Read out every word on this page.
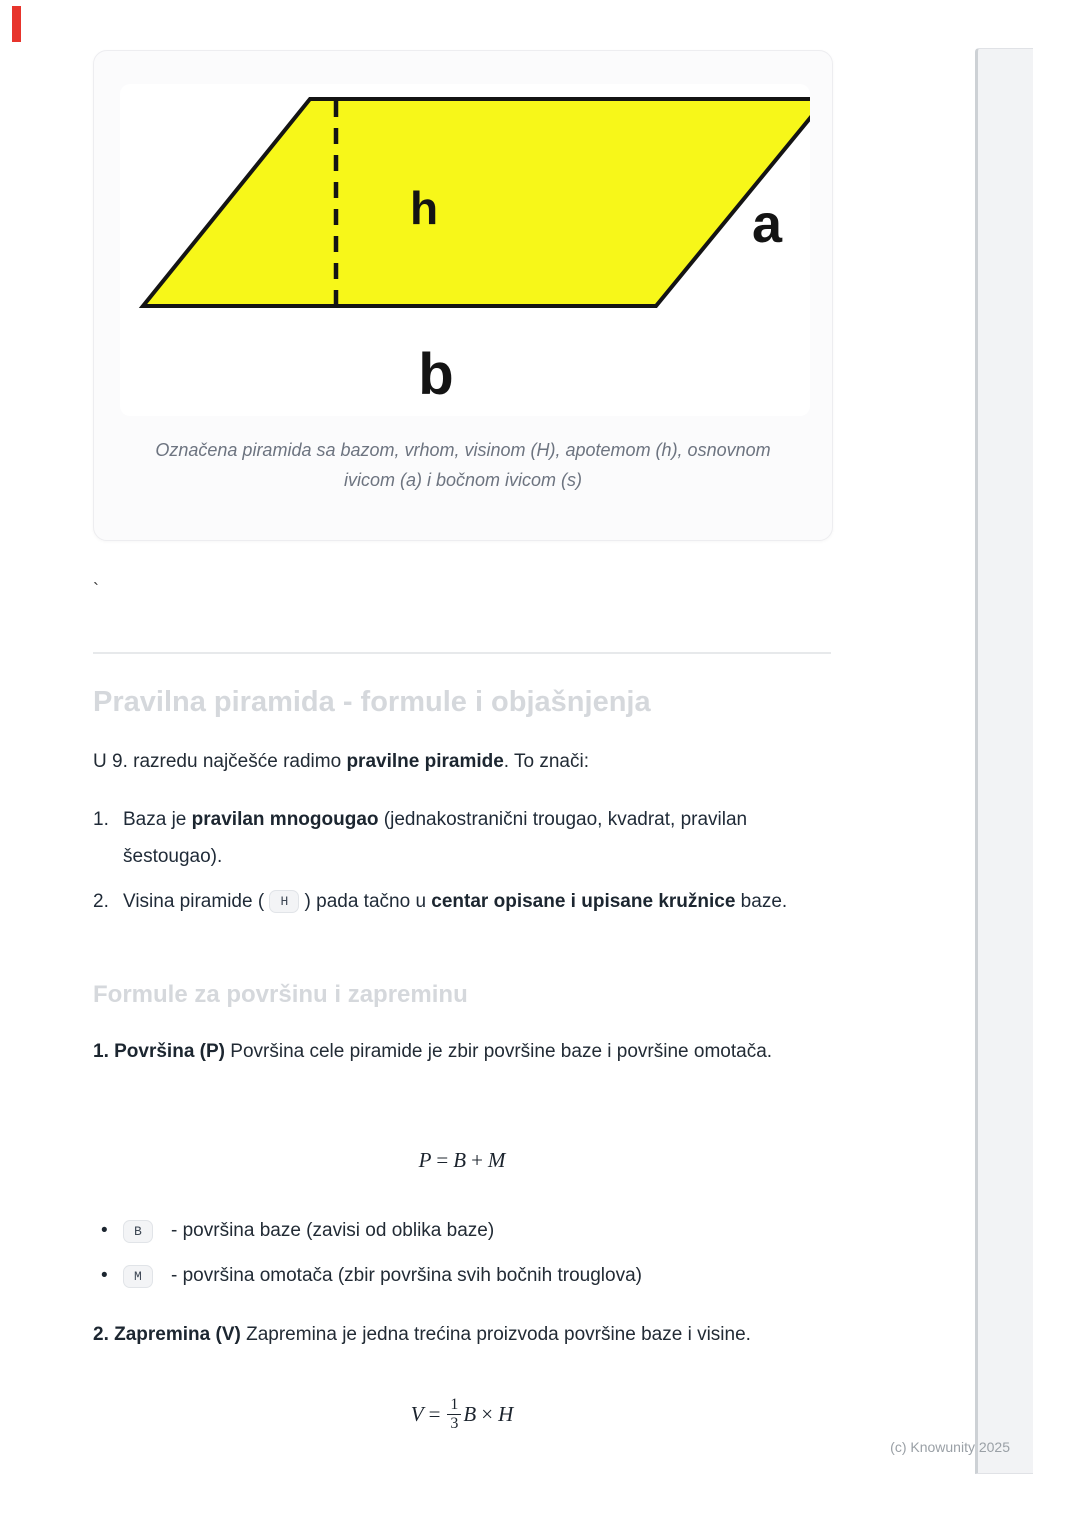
h	a
b
Označena piramida sa bazom, vrhom, visinom (H), apotemom (h), osnovnom
ivicom (a) i bočnom ivicom (s)
`
Pravilna piramida - formule i objašnjenja
U 9. razredu najčešće radimo pravilne piramide. To znači:
1. Baza je pravilan mnogougao (jednakostranični trougao, kvadrat, pravilan šestougao).
2. Visina piramide ( H ) pada tačno u centar opisane i upisane kružnice baze.
Formule za površinu i zapreminu
1. Površina (P) Površina cele piramide je zbir površine baze i površine omotača.
P = B + M
•	B	- površina baze (zavisi od oblika baze)
•	M	- površina omotača (zbir površina svih bočnih trouglova)
2. Zapremina (V) Zapremina je jedna trećina proizvoda površine baze i visine.
$V = \frac{1}{3}$ B × H
(c) Knowunity 2025
